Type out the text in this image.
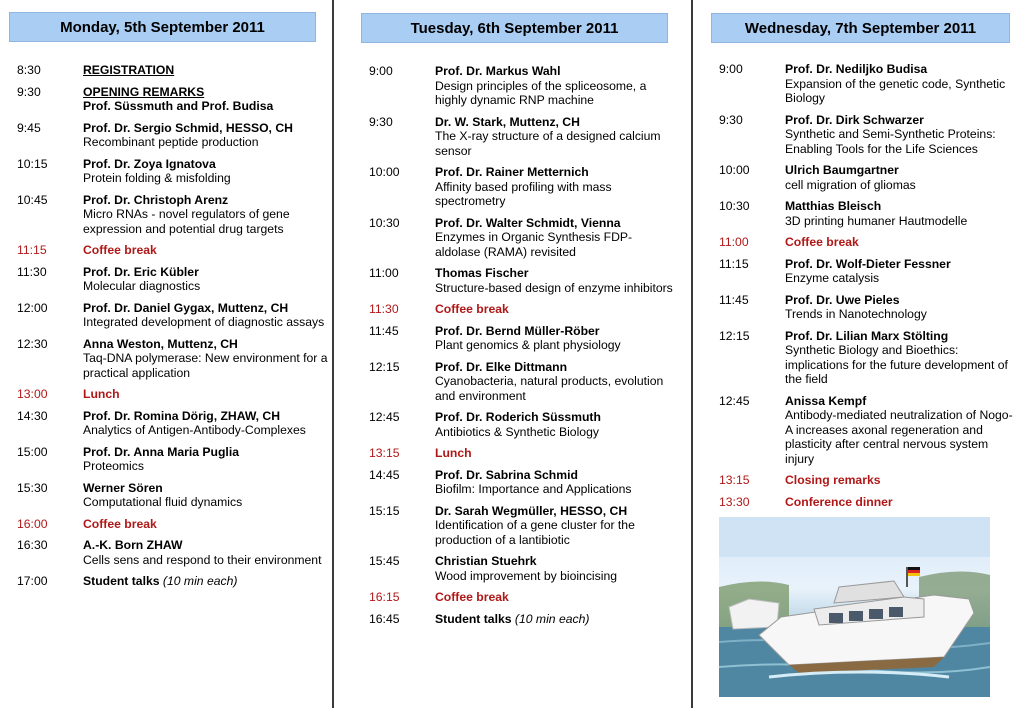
Monday, 5th September 2011
8:30	REGISTRATION
9:30	OPENING REMARKS
Prof. Süssmuth and Prof. Budisa
9:45	Prof. Dr. Sergio Schmid, HESSO, CH
Recombinant peptide production
10:15	Prof. Dr. Zoya Ignatova
Protein folding & misfolding
10:45	Prof. Dr. Christoph Arenz
Micro RNAs - novel regulators of gene expression and potential drug targets
11:15	Coffee break
11:30	Prof. Dr. Eric Kübler
Molecular diagnostics
12:00	Prof. Dr. Daniel Gygax, Muttenz, CH
Integrated development of diagnostic assays
12:30	Anna Weston, Muttenz, CH
Taq-DNA polymerase: New environment for a practical application
13:00	Lunch
14:30	Prof. Dr. Romina Dörig, ZHAW, CH
Analytics of Antigen-Antibody-Complexes
15:00	Prof. Dr. Anna Maria Puglia
Proteomics
15:30	Werner Sören
Computational fluid dynamics
16:00	Coffee break
16:30	A.-K. Born ZHAW
Cells sens and respond to their environment
17:00	Student talks (10 min each)
Tuesday, 6th September 2011
9:00	Prof. Dr. Markus Wahl
Design principles of the spliceosome, a highly dynamic RNP machine
9:30	Dr. W. Stark, Muttenz, CH
The X-ray structure of a designed calcium sensor
10:00	Prof. Dr. Rainer Metternich
Affinity based profiling with mass spectrometry
10:30	Prof. Dr. Walter Schmidt, Vienna
Enzymes in Organic Synthesis FDP-aldolase (RAMA) revisited
11:00	Thomas Fischer
Structure-based design of enzyme inhibitors
11:30	Coffee break
11:45	Prof. Dr. Bernd Müller-Röber
Plant genomics & plant physiology
12:15	Prof. Dr. Elke Dittmann
Cyanobacteria, natural products, evolution and environment
12:45	Prof. Dr. Roderich Süssmuth
Antibiotics & Synthetic Biology
13:15	Lunch
14:45	Prof. Dr. Sabrina Schmid
Biofilm: Importance and Applications
15:15	Dr. Sarah Wegmüller, HESSO, CH
Identification of a gene cluster for the production of a lantibiotic
15:45	Christian Stuehrk
Wood improvement by bioincising
16:15	Coffee break
16:45	Student talks (10 min each)
Wednesday, 7th September 2011
9:00	Prof. Dr. Nediljko Budisa
Expansion of the genetic code, Synthetic Biology
9:30	Prof. Dr. Dirk Schwarzer
Synthetic and Semi-Synthetic Proteins: Enabling Tools for the Life Sciences
10:00	Ulrich Baumgartner
cell migration of gliomas
10:30	Matthias Bleisch
3D printing humaner Hautmodelle
11:00	Coffee break
11:15	Prof. Dr. Wolf-Dieter Fessner
Enzyme catalysis
11:45	Prof. Dr. Uwe Pieles
Trends in Nanotechnology
12:15	Prof. Dr. Lilian Marx Stölting
Synthetic Biology and Bioethics: implications for the future development of the field
12:45	Anissa Kempf
Antibody-mediated neutralization of Nogo-A increases axonal regeneration and plasticity after central nervous system injury
13:15	Closing remarks
13:30	Conference dinner
